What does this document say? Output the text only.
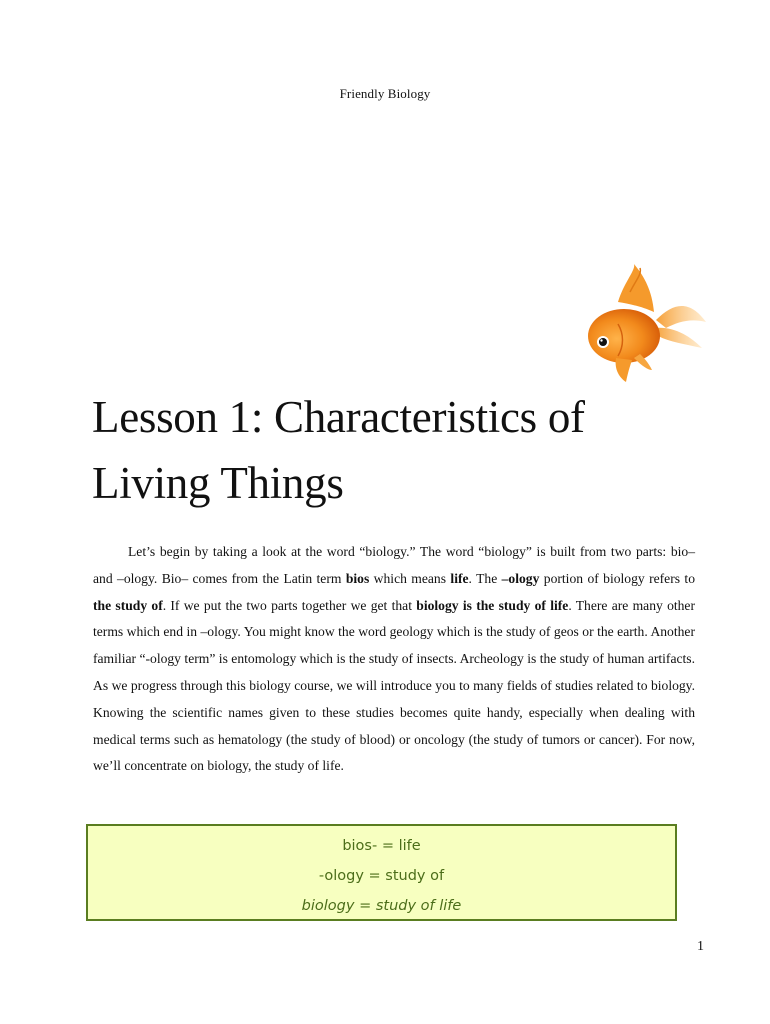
Friendly Biology
Lesson 1: Characteristics of
Living Things

Let’s begin by taking a look at the word “biology.” The word “biology” is built from two parts: bio– and –ology. Bio– comes from the Latin term bios which means life. The –ology portion of biology refers to the study of. If we put the two parts together we get that biology is the study of life. There are many other terms which end in –ology. You might know the word geology which is the study of geos or the earth. Another familiar “-ology term” is entomology which is the study of insects. Archeology is the study of human artifacts. As we progress through this biology course, we will introduce you to many fields of studies related to biology. Knowing the scientific names given to these studies becomes quite handy, especially when dealing with medical terms such as hematology (the study of blood) or oncology (the study of tumors or cancer). For now, we’ll concentrate on biology, the study of life.

bios- = life
-ology = study of
biology = study of life
1
